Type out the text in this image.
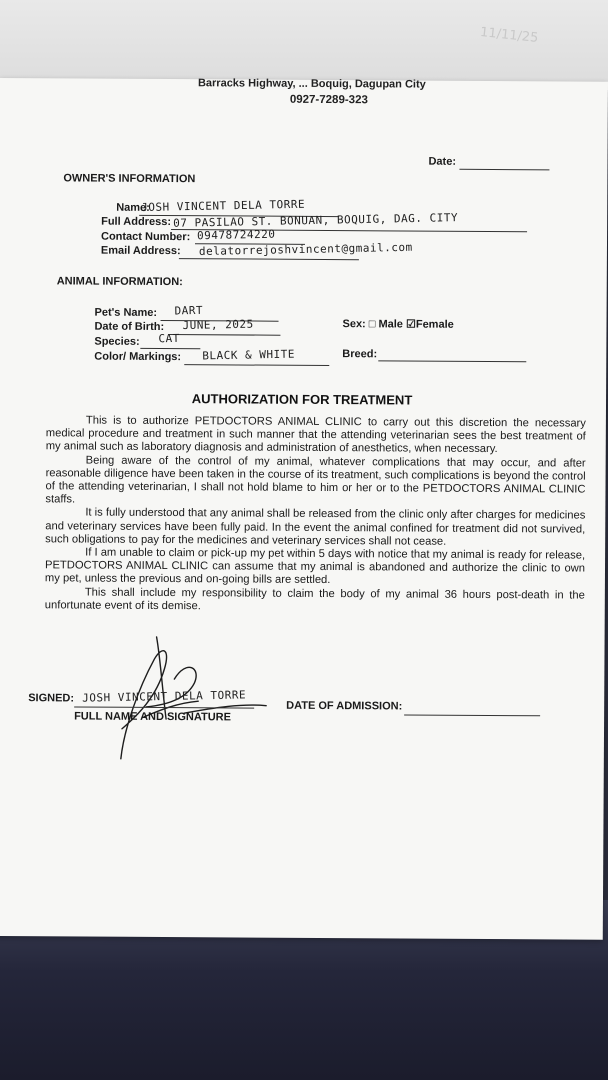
11/11/25
Barracks Highway, ... Boquig, Dagupan City
0927-7289-323
Date:
OWNER'S INFORMATION
Name:
JOSH VINCENT DELA TORRE
Full Address: 07 PASILAO ST. BONUAN, BOQUIG, DAG. CITY
Contact Number: 09478724220
Email Address: delatorrejoshvincent@gmail.com
ANIMAL INFORMATION:
Pet's Name: DART
Date of Birth: JUNE, 2025
Species: CAT
Color/ Markings: BLACK & WHITE
Sex: □ Male ☑Female
Breed:
AUTHORIZATION FOR TREATMENT

This is to authorize PETDOCTORS ANIMAL CLINIC to carry out this discretion the necessary medical procedure and treatment in such manner that the attending veterinarian sees the best treatment of my animal such as laboratory diagnosis and administration of anesthetics, when necessary.

Being aware of the control of my animal, whatever complications that may occur, and after reasonable diligence have been taken in the course of its treatment, such complications is beyond the control of the attending veterinarian, I shall not hold blame to him or her or to the PETDOCTORS ANIMAL CLINIC staffs.

It is fully understood that any animal shall be released from the clinic only after charges for medicines and veterinary services have been fully paid. In the event the animal confined for treatment did not survived, such obligations to pay for the medicines and veterinary services shall not cease.

If I am unable to claim or pick-up my pet within 5 days with notice that my animal is ready for release, PETDOCTORS ANIMAL CLINIC can assume that my animal is abandoned and authorize the clinic to own my pet, unless the previous and on-going bills are settled.

This shall include my responsibility to claim the body of my animal 36 hours post-death in the unfortunate event of its demise.

SIGNED: JOSH VINCENT DELA TORRE
FULL NAME AND SIGNATURE
DATE OF ADMISSION:
